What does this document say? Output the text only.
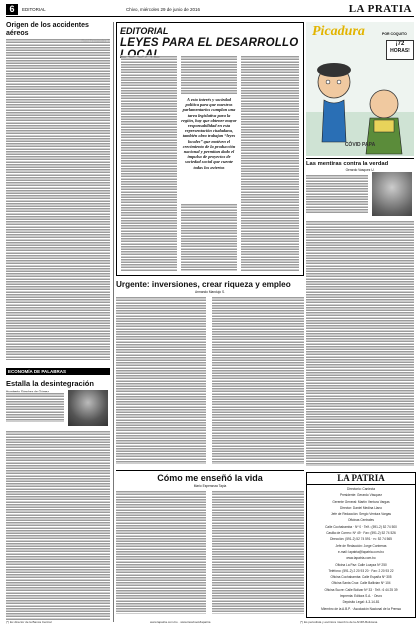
6	EDITORIAL	Chivo, miércoles 29 de junio de 2016	LA PRATIA
Origen de los accidentes aéreos
ECONOMÍA DE PALABRAS
Estalla la desintegración
EDITORIAL
LEYES PARA EL DESARROLLO
A esto interés y sociedad política para que nuestros parlamentarios cumplan una tarea legislativa para la región, hay que obtener mayor responsabilidad en esta representación ciudadana, también obra trabajan “leyes locales” que motiven el crecimiento de la producción nacional y permitan dado el impulso de proyectos de sociedad social que cuente todas los aviertos
Picadura	POR COQUITO
¡72
HORAS!
CÓVID PAPA
Las mentiras contra la verdad
Gerardo Vasquez U.
Urgente: inversiones, crear riqueza y empleo
Armando Mandujo S.
Cómo me enseñó la vida
Mario Esperanza Tapia
LA PATRIA
Directorio: Caniecta
Presidente: Gerardo Vásquez
Gerente General: Martín Ventura Vargas
Director: Daniel Medina Llano
Jefe de Redacción: Sergio Ventura Vargas
Oficinas Centrales
Calle Cochabamba · Nº 0 · Telf.: (591-2) 52 74 500
Casilla de Correo: Nº 49 · Fax: (591-2) 52 74 526
Dirección: (591-2) 52 74 591 · rv: 52 74 565
Jefe de Redacción: Jorge Contreras
e-mail: lapatria@lapatria.com.bo
www.lapatria.com.bo
Oficina La Paz: Calle Loayza Nº 250
Teléfono: (591-2) 2 20 93 20 · Fax: 2 20 93 22
Oficina Cochabamba: Calle España Nº 305
Oficina Santa Cruz: Calle Ballivian Nº 104
Oficina Sucre: Calle Bolivar Nº 33 · Telf.: 6 44 25 39
Imprenta: Editora S.A. · Oruro
Depósito Legal: 4-3-14-81
Miembro de la A.B.P. · Asociación Nacional de la Prensa
(*) Ex director de la Banca Central	www.lapatria.com.bo · www.facebook/lapatria	(*) Es periodista y escritora miembro de la ANPA Boliviana
